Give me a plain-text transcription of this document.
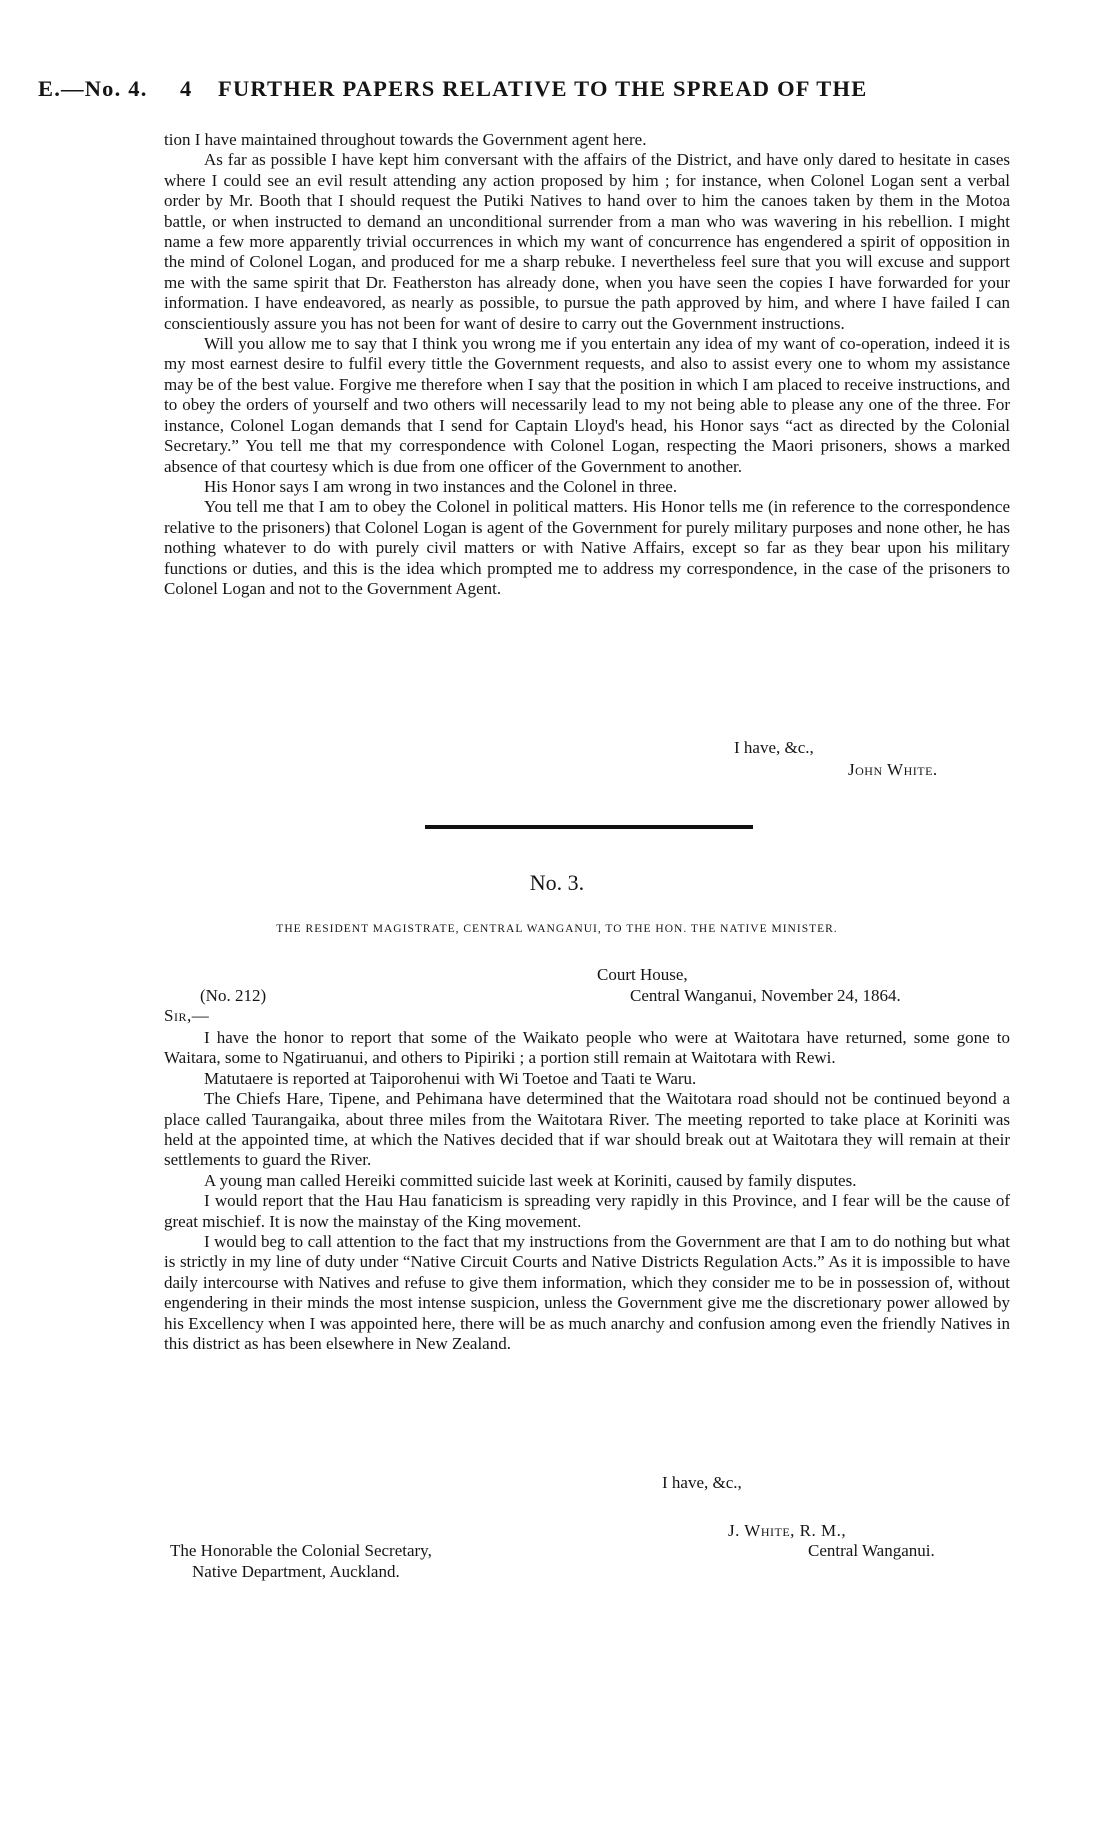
E.—No. 4. 4 FURTHER PAPERS RELATIVE TO THE SPREAD OF THE

tion I have maintained throughout towards the Government agent here.

As far as possible I have kept him conversant with the affairs of the District, and have only dared to hesitate in cases where I could see an evil result attending any action proposed by him ; for instance, when Colonel Logan sent a verbal order by Mr. Booth that I should request the Putiki Natives to hand over to him the canoes taken by them in the Motoa battle, or when instructed to demand an unconditional surrender from a man who was wavering in his rebellion. I might name a few more apparently trivial occurrences in which my want of concurrence has engendered a spirit of opposition in the mind of Colonel Logan, and produced for me a sharp rebuke. I nevertheless feel sure that you will excuse and support me with the same spirit that Dr. Featherston has already done, when you have seen the copies I have forwarded for your information. I have endeavored, as nearly as possible, to pursue the path approved by him, and where I have failed I can conscientiously assure you has not been for want of desire to carry out the Government instructions.

Will you allow me to say that I think you wrong me if you entertain any idea of my want of co-operation, indeed it is my most earnest desire to fulfil every tittle the Government requests, and also to assist every one to whom my assistance may be of the best value. Forgive me therefore when I say that the position in which I am placed to receive instructions, and to obey the orders of yourself and two others will necessarily lead to my not being able to please any one of the three. For instance, Colonel Logan demands that I send for Captain Lloyd's head, his Honor says “act as directed by the Colonial Secretary.” You tell me that my correspondence with Colonel Logan, respecting the Maori prisoners, shows a marked absence of that courtesy which is due from one officer of the Government to another.

His Honor says I am wrong in two instances and the Colonel in three.

You tell me that I am to obey the Colonel in political matters. His Honor tells me (in reference to the correspondence relative to the prisoners) that Colonel Logan is agent of the Government for purely military purposes and none other, he has nothing whatever to do with purely civil matters or with Native Affairs, except so far as they bear upon his military functions or duties, and this is the idea which prompted me to address my correspondence, in the case of the prisoners to Colonel Logan and not to the Government Agent.

I have, &c.,
John White.
No. 3.
THE RESIDENT MAGISTRATE, CENTRAL WANGANUI, TO THE HON. THE NATIVE MINISTER.
Court House,
(No. 212)	Central Wanganui, November 24, 1864.
Sir,—

I have the honor to report that some of the Waikato people who were at Waitotara have returned, some gone to Waitara, some to Ngatiruanui, and others to Pipiriki ; a portion still remain at Waitotara with Rewi.

Matutaere is reported at Taiporohenui with Wi Toetoe and Taati te Waru.

The Chiefs Hare, Tipene, and Pehimana have determined that the Waitotara road should not be continued beyond a place called Taurangaika, about three miles from the Waitotara River. The meeting reported to take place at Koriniti was held at the appointed time, at which the Natives decided that if war should break out at Waitotara they will remain at their settlements to guard the River.

A young man called Hereiki committed suicide last week at Koriniti, caused by family disputes.

I would report that the Hau Hau fanaticism is spreading very rapidly in this Province, and I fear will be the cause of great mischief. It is now the mainstay of the King movement.

I would beg to call attention to the fact that my instructions from the Government are that I am to do nothing but what is strictly in my line of duty under “Native Circuit Courts and Native Districts Regulation Acts.” As it is impossible to have daily intercourse with Natives and refuse to give them information, which they consider me to be in possession of, without engendering in their minds the most intense suspicion, unless the Government give me the discretionary power allowed by his Excellency when I was appointed here, there will be as much anarchy and confusion among even the friendly Natives in this district as has been elsewhere in New Zealand.

I have, &c.,
J. White, R. M.,
The Honorable the Colonial Secretary,	Central Wanganui.
Native Department, Auckland.
